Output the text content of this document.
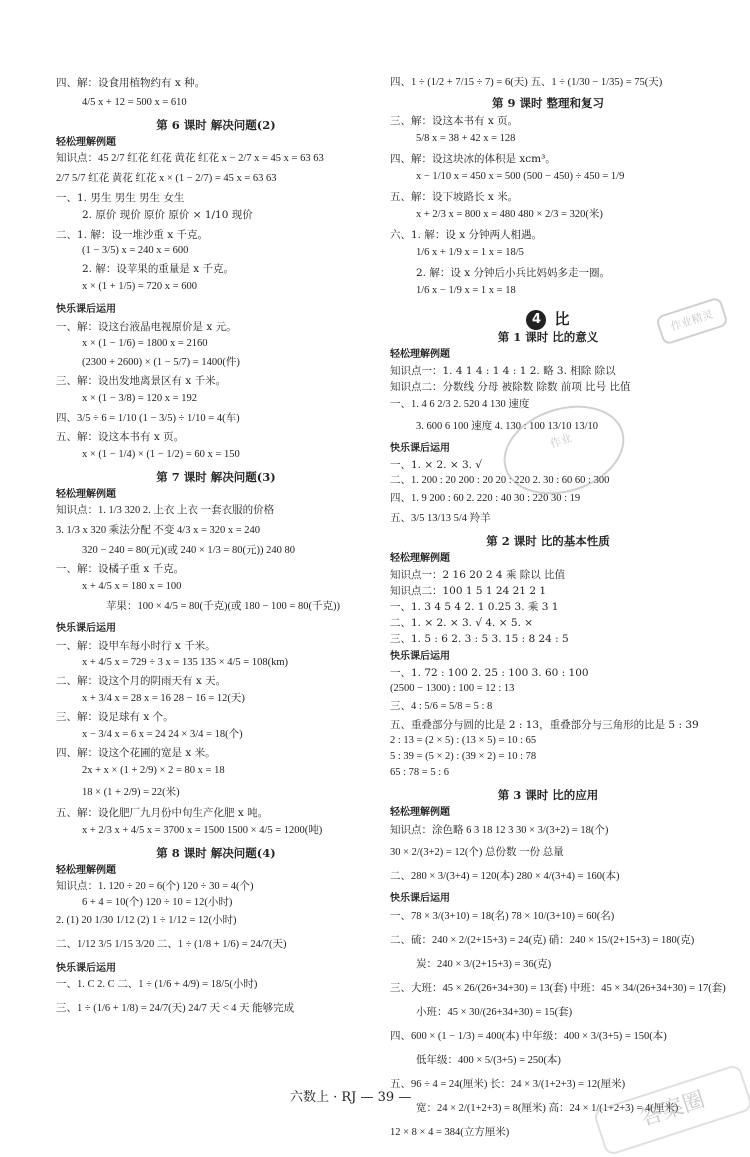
四、解：设食用植物约有 x 种。
4/5 x + 12 = 500 x = 610
第 6 课时 解决问题(2)
轻松理解例题
知识点：45 2/7 红花 红花 黄花 红花 x − 2/7 x = 45 x = 63 63
2/7 5/7 红花 黄花 红花 x × (1 − 2/7) = 45 x = 63 63
一、1. 男生 男生 男生 女生
2. 原价 现价 原价 原价 × 1/10 现价
二、1. 解：设一堆沙重 x 千克。
(1 − 3/5) x = 240 x = 600
2. 解：设苹果的重量是 x 千克。
x × (1 + 1/5) = 720 x = 600
快乐课后运用
一、解：设这台液晶电视原价是 x 元。
x × (1 − 1/6) = 1800 x = 2160
(2300 + 2600) × (1 − 5/7) = 1400(件)
三、解：设出发地离景区有 x 千米。
x × (1 − 3/8) = 120 x = 192
四、3/5 ÷ 6 = 1/10 (1 − 3/5) ÷ 1/10 = 4(车)
五、解：设这本书有 x 页。
x × (1 − 1/4) × (1 − 1/2) = 60 x = 150
第 7 课时 解决问题(3)
轻松理解例题
知识点：1. 1/3 320 2. 上衣 上衣 一套衣服的价格
3. 1/3 x 320 乘法分配 不变 4/3 x = 320 x = 240
320 − 240 = 80(元)(或 240 × 1/3 = 80(元)) 240 80
一、解：设橘子重 x 千克。
x + 4/5 x = 180 x = 100
苹果：100 × 4/5 = 80(千克)(或 180 − 100 = 80(千克))
快乐课后运用
一、解：设甲车每小时行 x 千米。
x + 4/5 x = 729 ÷ 3 x = 135 135 × 4/5 = 108(km)
二、解：设这个月的阴雨天有 x 天。
x + 3/4 x = 28 x = 16 28 − 16 = 12(天)
三、解：设足球有 x 个。
x − 3/4 x = 6 x = 24 24 × 3/4 = 18(个)
四、解：设这个花圃的宽是 x 米。
2x + x × (1 + 2/9) × 2 = 80 x = 18
18 × (1 + 2/9) = 22(米)
五、解：设化肥厂九月份中旬生产化肥 x 吨。
x + 2/3 x + 4/5 x = 3700 x = 1500 1500 × 4/5 = 1200(吨)
第 8 课时 解决问题(4)
轻松理解例题
知识点：1. 120 ÷ 20 = 6(个) 120 ÷ 30 = 4(个)
6 + 4 = 10(个) 120 ÷ 10 = 12(小时)
2. (1) 20 1/30 1/12 (2) 1 ÷ 1/12 = 12(小时)
二、1/12 3/5 1/15 3/20 二、1 ÷ (1/8 + 1/6) = 24/7(天)
快乐课后运用
一、1. C 2. C 二、1 ÷ (1/6 + 4/9) = 18/5(小时)
三、1 ÷ (1/6 + 1/8) = 24/7(天) 24/7 天 < 4 天 能够完成
四、1 ÷ (1/2 + 7/15 ÷ 7) = 6(天) 五、1 ÷ (1/30 − 1/35) = 75(天)
第 9 课时 整理和复习
三、解：设这本书有 x 页。
5/8 x = 38 + 42 x = 128
四、解：设这块冰的体积是 xcm³。
x − 1/10 x = 450 x = 500 (500 − 450) ÷ 450 = 1/9
五、解：设下坡路长 x 米。
x + 2/3 x = 800 x = 480 480 × 2/3 = 320(米)
六、1. 解：设 x 分钟两人相遇。
1/6 x + 1/9 x = 1 x = 18/5
2. 解：设 x 分钟后小兵比妈妈多走一圈。
1/6 x − 1/9 x = 1 x = 18
4 比
第 1 课时 比的意义
轻松理解例题
知识点一：1. 4 1 4 : 1 4 : 1 2. 略 3. 相除 除以
知识点二：分数线 分母 被除数 除数 前项 比号 比值
一、1. 4 6 2/3 2. 520 4 130 速度
3. 600 6 100 速度 4. 130 : 100 13/10 13/10
快乐课后运用
一、1. × 2. × 3. √
二、1. 200 : 20 200 : 20 20 : 220 2. 30 : 60 60 : 300
四、1. 9 200 : 60 2. 220 : 40 30 : 220 30 : 19
五、3/5 13/13 5/4 羚羊
第 2 课时 比的基本性质
轻松理解例题
知识点一：2 16 20 2 4 乘 除以 比值
知识点二：100 1 5 1 24 21 2 1
一、1. 3 4 5 4 2. 1 0.25 3. 乘 3 1
二、1. × 2. × 3. √ 4. × 5. ×
三、1. 5 : 6 2. 3 : 5 3. 15 : 8 24 : 5
快乐课后运用
一、1. 72 : 100 2. 25 : 100 3. 60 : 100
(2500 − 1300) : 100 = 12 : 13
三、4 : 5/6 = 5/8 = 5 : 8
五、重叠部分与圆的比是 2 : 13，重叠部分与三角形的比是 5 : 39
2 : 13 = (2 × 5) : (13 × 5) = 10 : 65
5 : 39 = (5 × 2) : (39 × 2) = 10 : 78
65 : 78 = 5 : 6
第 3 课时 比的应用
轻松理解例题
知识点：涂色略 6 3 18 12 3 30 × 3/(3+2) = 18(个)
30 × 2/(3+2) = 12(个) 总份数 一份 总量
二、280 × 3/(3+4) = 120(本) 280 × 4/(3+4) = 160(本)
快乐课后运用
一、78 × 3/(3+10) = 18(名) 78 × 10/(3+10) = 60(名)
二、硫：240 × 2/(2+15+3) = 24(克) 硝：240 × 15/(2+15+3) = 180(克)
炭：240 × 3/(2+15+3) = 36(克)
三、大班：45 × 26/(26+34+30) = 13(套) 中班：45 × 34/(26+34+30) = 17(套)
小班：45 × 30/(26+34+30) = 15(套)
四、600 × (1 − 1/3) = 400(本) 中年级：400 × 3/(3+5) = 150(本)
低年级：400 × 5/(3+5) = 250(本)
五、96 ÷ 4 = 24(厘米) 长：24 × 3/(1+2+3) = 12(厘米)
宽：24 × 2/(1+2+3) = 8(厘米) 高：24 × 1/(1+2+3) = 4(厘米)
12 × 8 × 4 = 384(立方厘米)
六数上 · RJ — 39 —
作业
作业精灵
答案圈
